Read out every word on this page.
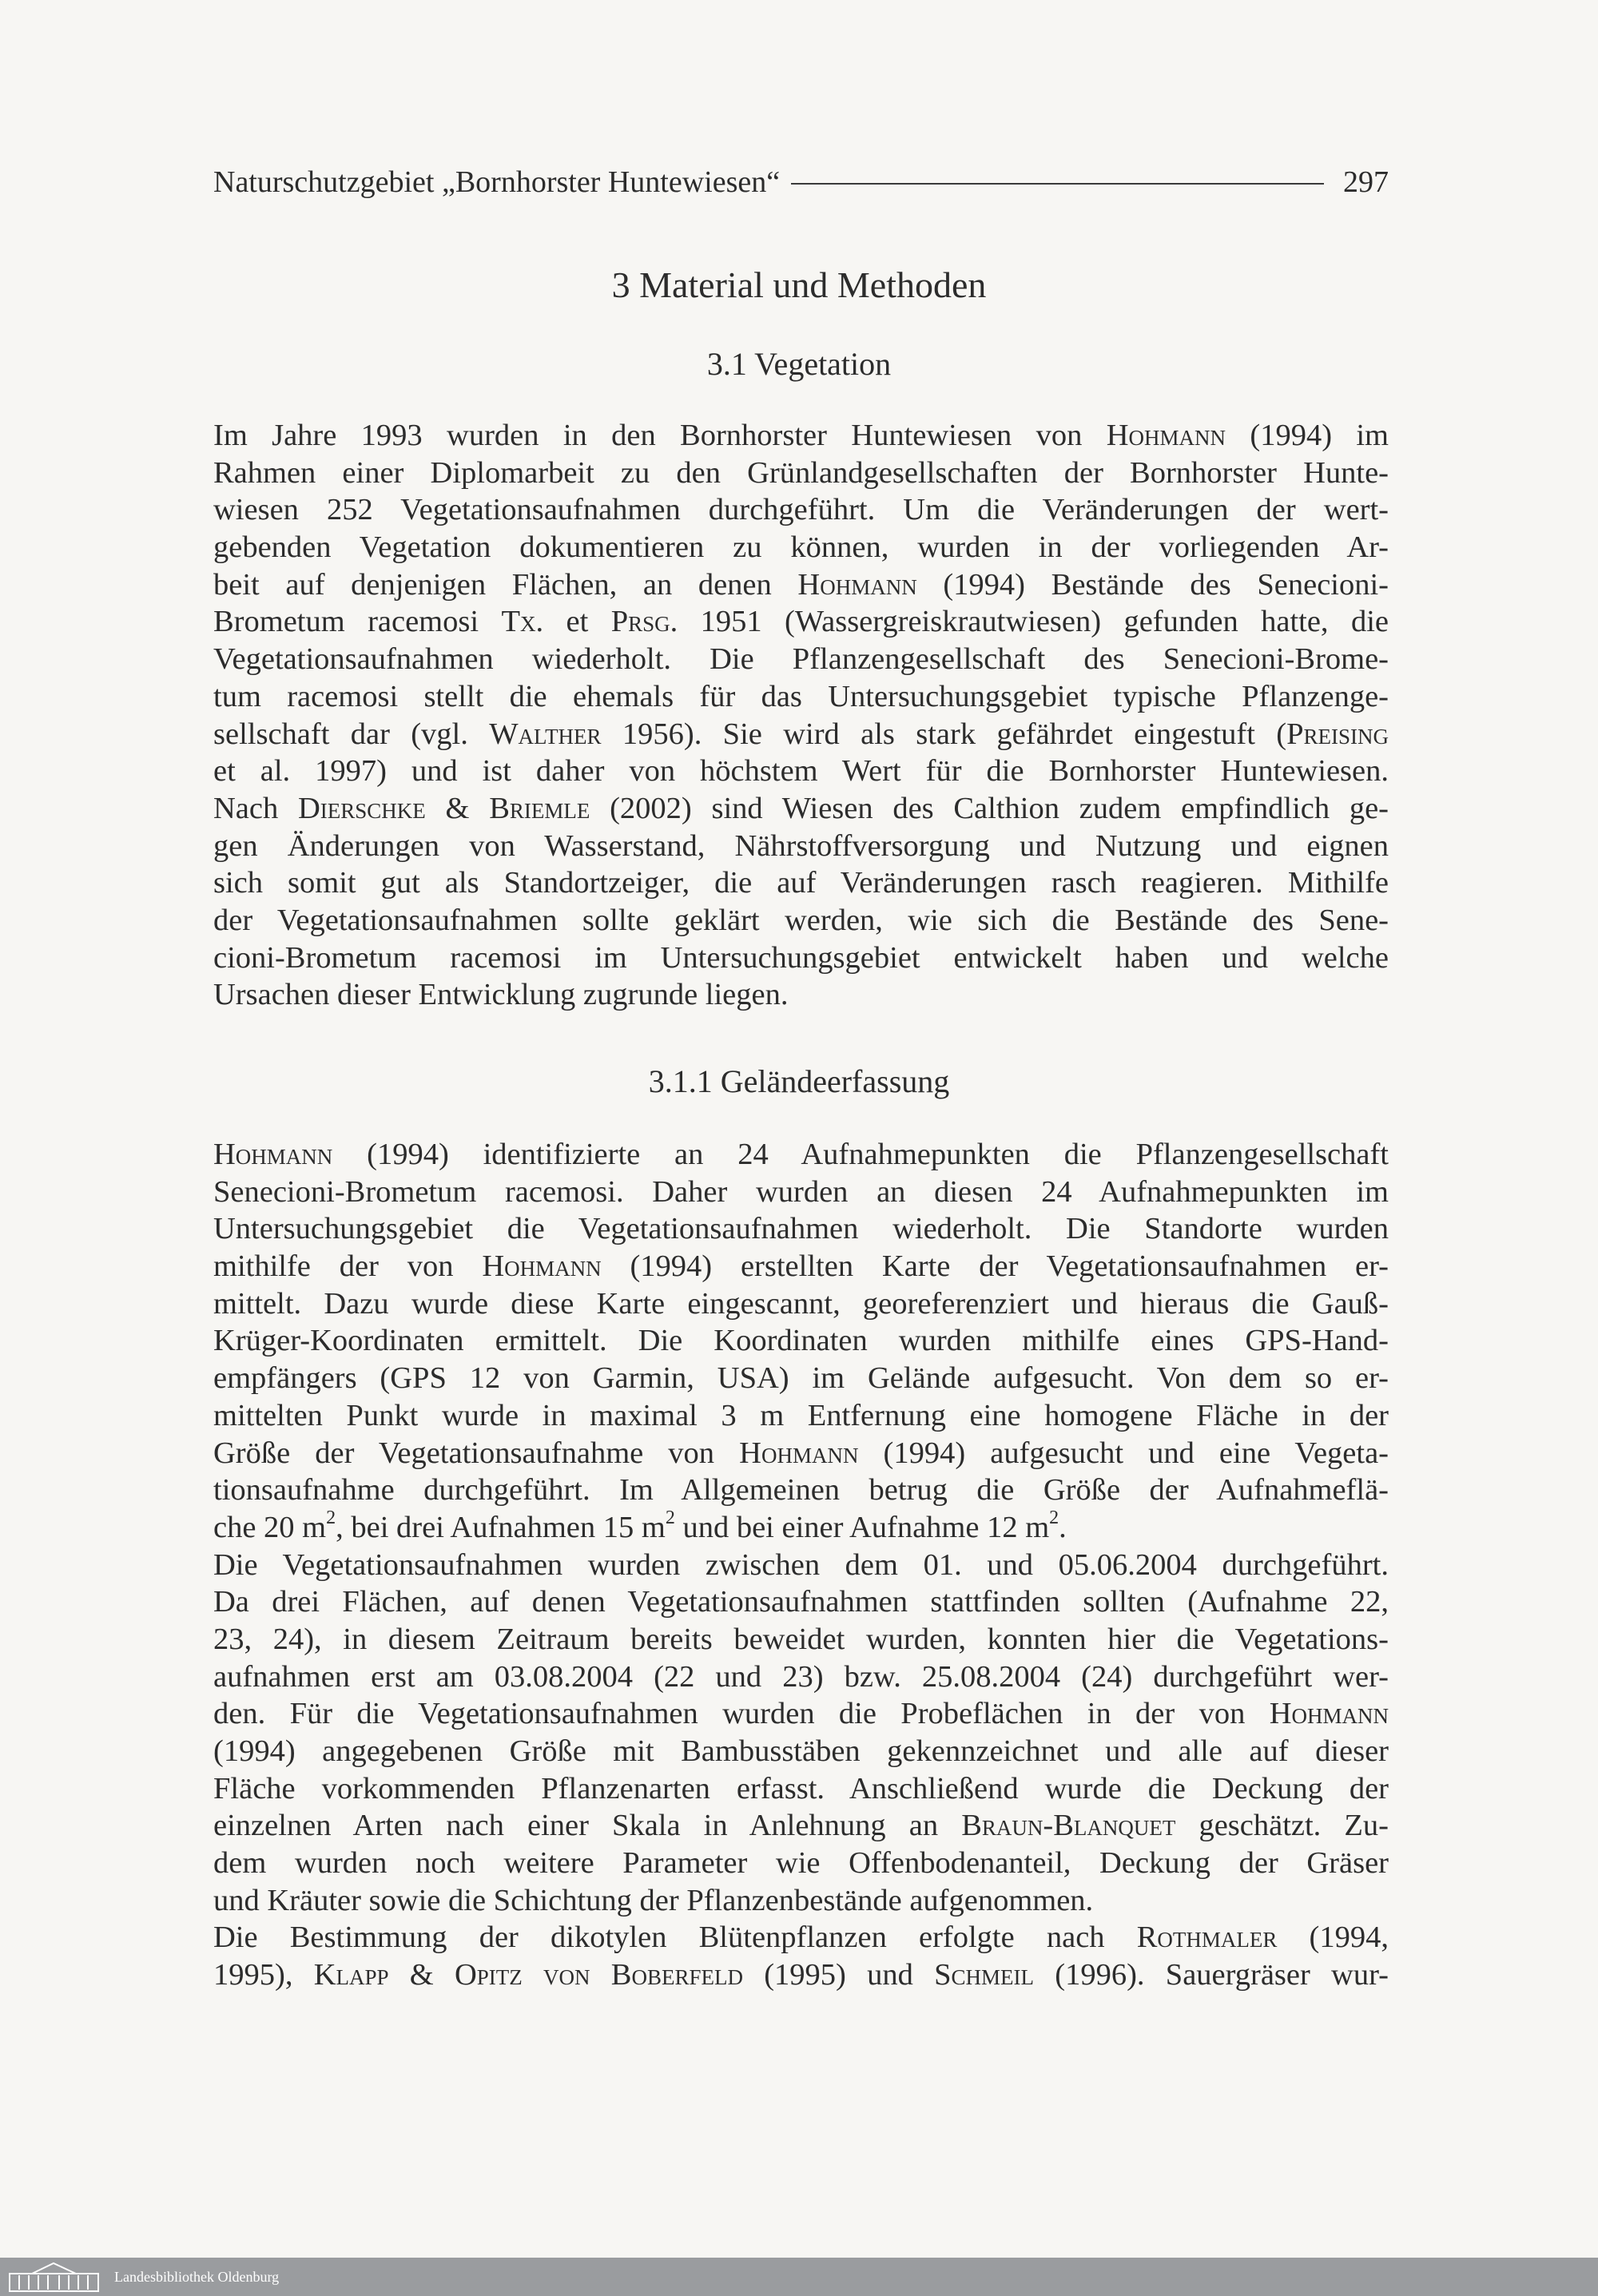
Naturschutzgebiet „Bornhorster Huntewiesen“	297
3 Material und Methoden
3.1 Vegetation
Im Jahre 1993 wurden in den Bornhorster Huntewiesen von Hohmann (1994) im
Rahmen einer Diplomarbeit zu den Grünlandgesellschaften der Bornhorster Hunte-
wiesen 252 Vegetationsaufnahmen durchgeführt. Um die Veränderungen der wert-
gebenden Vegetation dokumentieren zu können, wurden in der vorliegenden Ar-
beit auf denjenigen Flächen, an denen Hohmann (1994) Bestände des Senecioni-
Brometum racemosi Tx. et Prsg. 1951 (Wassergreiskrautwiesen) gefunden hatte, die
Vegetationsaufnahmen wiederholt. Die Pflanzengesellschaft des Senecioni-Brome-
tum racemosi stellt die ehemals für das Untersuchungsgebiet typische Pflanzenge-
sellschaft dar (vgl. Walther 1956). Sie wird als stark gefährdet eingestuft (Preising
et al. 1997) und ist daher von höchstem Wert für die Bornhorster Huntewiesen.
Nach Dierschke & Briemle (2002) sind Wiesen des Calthion zudem empfindlich ge-
gen Änderungen von Wasserstand, Nährstoffversorgung und Nutzung und eignen
sich somit gut als Standortzeiger, die auf Veränderungen rasch reagieren. Mithilfe
der Vegetationsaufnahmen sollte geklärt werden, wie sich die Bestände des Sene-
cioni-Brometum racemosi im Untersuchungsgebiet entwickelt haben und welche
Ursachen dieser Entwicklung zugrunde liegen.
3.1.1 Geländeerfassung
Hohmann (1994) identifizierte an 24 Aufnahmepunkten die Pflanzengesellschaft
Senecioni-Brometum racemosi. Daher wurden an diesen 24 Aufnahmepunkten im
Untersuchungsgebiet die Vegetationsaufnahmen wiederholt. Die Standorte wurden
mithilfe der von Hohmann (1994) erstellten Karte der Vegetationsaufnahmen er-
mittelt. Dazu wurde diese Karte eingescannt, georeferenziert und hieraus die Gauß-
Krüger-Koordinaten ermittelt. Die Koordinaten wurden mithilfe eines GPS-Hand-
empfängers (GPS 12 von Garmin, USA) im Gelände aufgesucht. Von dem so er-
mittelten Punkt wurde in maximal 3 m Entfernung eine homogene Fläche in der
Größe der Vegetationsaufnahme von Hohmann (1994) aufgesucht und eine Vegeta-
tionsaufnahme durchgeführt. Im Allgemeinen betrug die Größe der Aufnahmeflä-
che 20 $m^2$, bei drei Aufnahmen 15 $m^2$ und bei einer Aufnahme 12 $m^2$.
Die Vegetationsaufnahmen wurden zwischen dem 01. und 05.06.2004 durchgeführt.
Da drei Flächen, auf denen Vegetationsaufnahmen stattfinden sollten (Aufnahme 22,
23, 24), in diesem Zeitraum bereits beweidet wurden, konnten hier die Vegetations-
aufnahmen erst am 03.08.2004 (22 und 23) bzw. 25.08.2004 (24) durchgeführt wer-
den. Für die Vegetationsaufnahmen wurden die Probeflächen in der von Hohmann
(1994) angegebenen Größe mit Bambusstäben gekennzeichnet und alle auf dieser
Fläche vorkommenden Pflanzenarten erfasst. Anschließend wurde die Deckung der
einzelnen Arten nach einer Skala in Anlehnung an Braun-Blanquet geschätzt. Zu-
dem wurden noch weitere Parameter wie Offenbodenanteil, Deckung der Gräser
und Kräuter sowie die Schichtung der Pflanzenbestände aufgenommen.
Die Bestimmung der dikotylen Blütenpflanzen erfolgte nach Rothmaler (1994,
1995), Klapp & Opitz von Boberfeld (1995) und Schmeil (1996). Sauergräser wur-
Landesbibliothek Oldenburg
